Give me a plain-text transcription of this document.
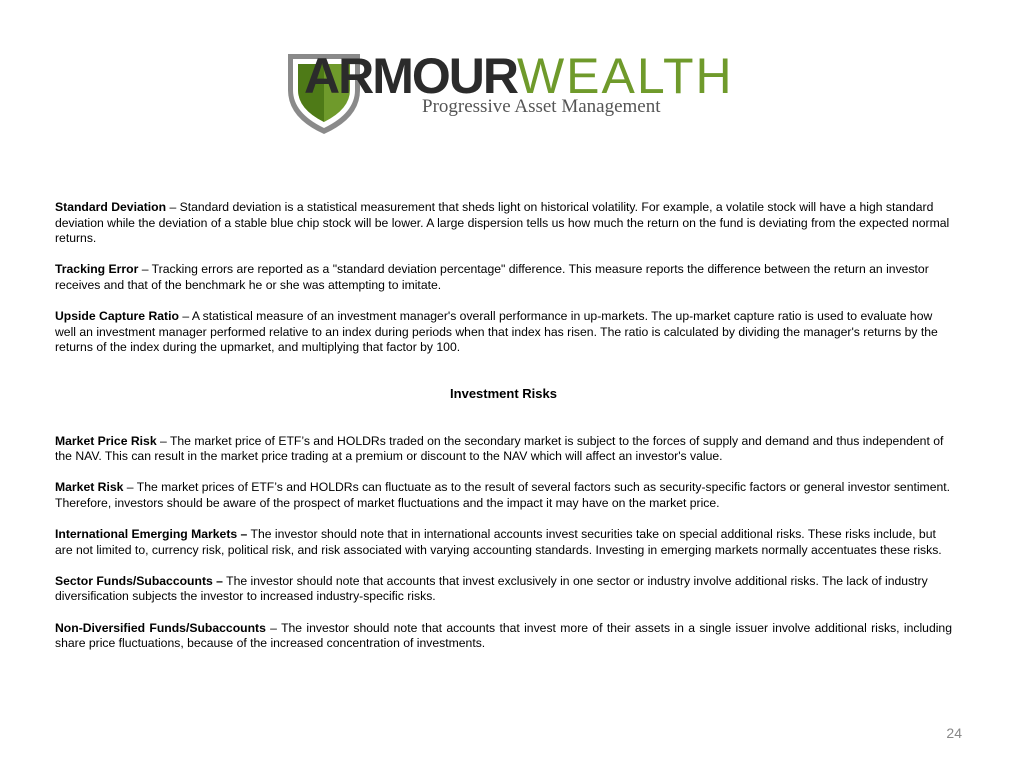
ARMOURWEALTH
Progressive Asset Management

Standard Deviation – Standard deviation is a statistical measurement that sheds light on historical volatility. For example, a volatile stock will have a high standard deviation while the deviation of a stable blue chip stock will be lower. A large dispersion tells us how much the return on the fund is deviating from the expected normal returns.

Tracking Error – Tracking errors are reported as a "standard deviation percentage" difference. This measure reports the difference between the return an investor receives and that of the benchmark he or she was attempting to imitate.

Upside Capture Ratio – A statistical measure of an investment manager's overall performance in up-markets. The up-market capture ratio is used to evaluate how well an investment manager performed relative to an index during periods when that index has risen. The ratio is calculated by dividing the manager's returns by the returns of the index during the upmarket, and multiplying that factor by 100.

Investment Risks

Market Price Risk – The market price of ETF’s and HOLDRs traded on the secondary market is subject to the forces of supply and demand and thus independent of the NAV. This can result in the market price trading at a premium or discount to the NAV which will affect an investor's value.

Market Risk – The market prices of ETF’s and HOLDRs can fluctuate as to the result of several factors such as security-specific factors or general investor sentiment. Therefore, investors should be aware of the prospect of market fluctuations and the impact it may have on the market price.

International Emerging Markets – The investor should note that in international accounts invest securities take on special additional risks. These risks include, but are not limited to, currency risk, political risk, and risk associated with varying accounting standards. Investing in emerging markets normally accentuates these risks.

Sector Funds/Subaccounts – The investor should note that accounts that invest exclusively in one sector or industry involve additional risks. The lack of industry diversification subjects the investor to increased industry-specific risks.

Non-Diversified Funds/Subaccounts – The investor should note that accounts that invest more of their assets in a single issuer involve additional risks, including share price fluctuations, because of the increased concentration of investments.

24
